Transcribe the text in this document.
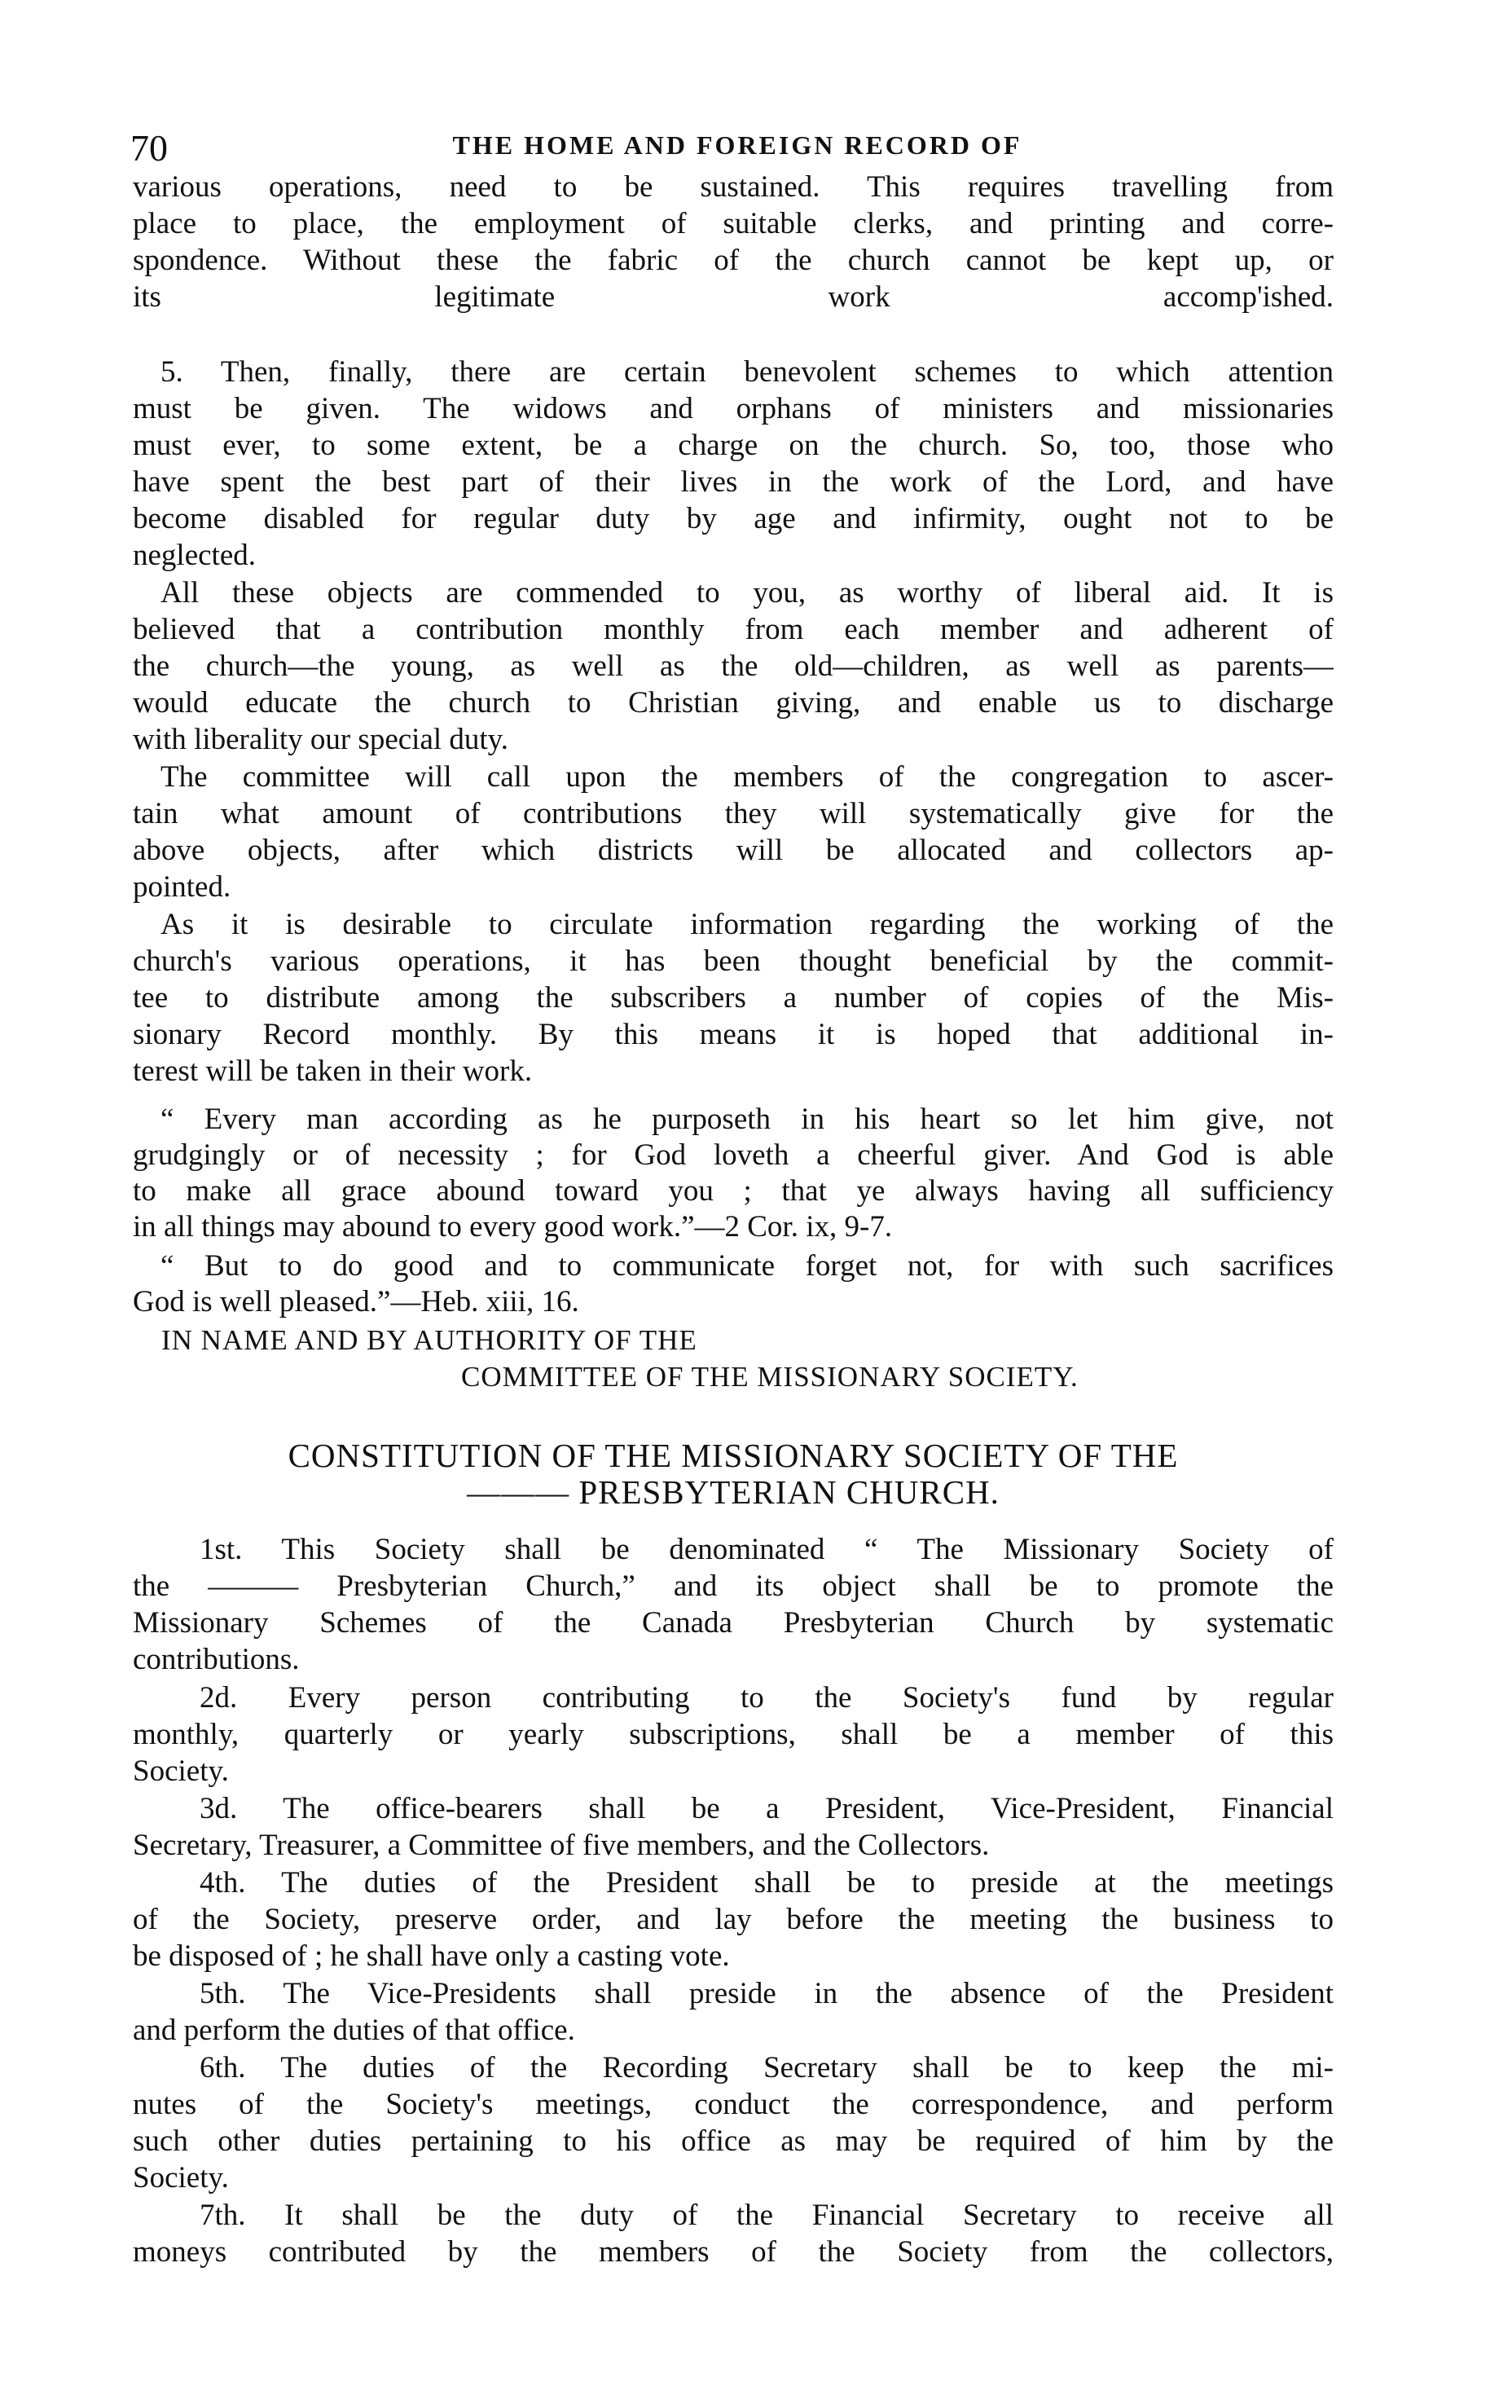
70	THE HOME AND FOREIGN RECORD OF
various operations, need to be sustained. This requires travelling from
place to place, the employment of suitable clerks, and printing and corre-
spondence. Without these the fabric of the church cannot be kept up, or
its legitimate work accomp'ished.
5. Then, finally, there are certain benevolent schemes to which attention
must be given. The widows and orphans of ministers and missionaries
must ever, to some extent, be a charge on the church. So, too, those who
have spent the best part of their lives in the work of the Lord, and have
become disabled for regular duty by age and infirmity, ought not to be
neglected.
All these objects are commended to you, as worthy of liberal aid. It is
believed that a contribution monthly from each member and adherent of
the church—the young, as well as the old—children, as well as parents—
would educate the church to Christian giving, and enable us to discharge
with liberality our special duty.
The committee will call upon the members of the congregation to ascer-
tain what amount of contributions they will systematically give for the
above objects, after which districts will be allocated and collectors ap-
pointed.
As it is desirable to circulate information regarding the working of the
church's various operations, it has been thought beneficial by the commit-
tee to distribute among the subscribers a number of copies of the Mis-
sionary Record monthly. By this means it is hoped that additional in-
terest will be taken in their work.
“ Every man according as he purposeth in his heart so let him give, not
grudgingly or of necessity ; for God loveth a cheerful giver. And God is able
to make all grace abound toward you ; that ye always having all sufficiency
in all things may abound to every good work.”—2 Cor. ix, 9-7.
“ But to do good and to communicate forget not, for with such sacrifices
God is well pleased.”—Heb. xiii, 16.
IN NAME AND BY AUTHORITY OF THE
COMMITTEE OF THE MISSIONARY SOCIETY.
CONSTITUTION OF THE MISSIONARY SOCIETY OF THE
——— PRESBYTERIAN CHURCH.
1st. This Society shall be denominated “ The Missionary Society of
the ——— Presbyterian Church,” and its object shall be to promote the
Missionary Schemes of the Canada Presbyterian Church by systematic
contributions.
2d. Every person contributing to the Society's fund by regular
monthly, quarterly or yearly subscriptions, shall be a member of this
Society.
3d. The office-bearers shall be a President, Vice-President, Financial
Secretary, Treasurer, a Committee of five members, and the Collectors.
4th. The duties of the President shall be to preside at the meetings
of the Society, preserve order, and lay before the meeting the business to
be disposed of ; he shall have only a casting vote.
5th. The Vice-Presidents shall preside in the absence of the President
and perform the duties of that office.
6th. The duties of the Recording Secretary shall be to keep the mi-
nutes of the Society's meetings, conduct the correspondence, and perform
such other duties pertaining to his office as may be required of him by the
Society.
7th. It shall be the duty of the Financial Secretary to receive all
moneys contributed by the members of the Society from the collectors,
